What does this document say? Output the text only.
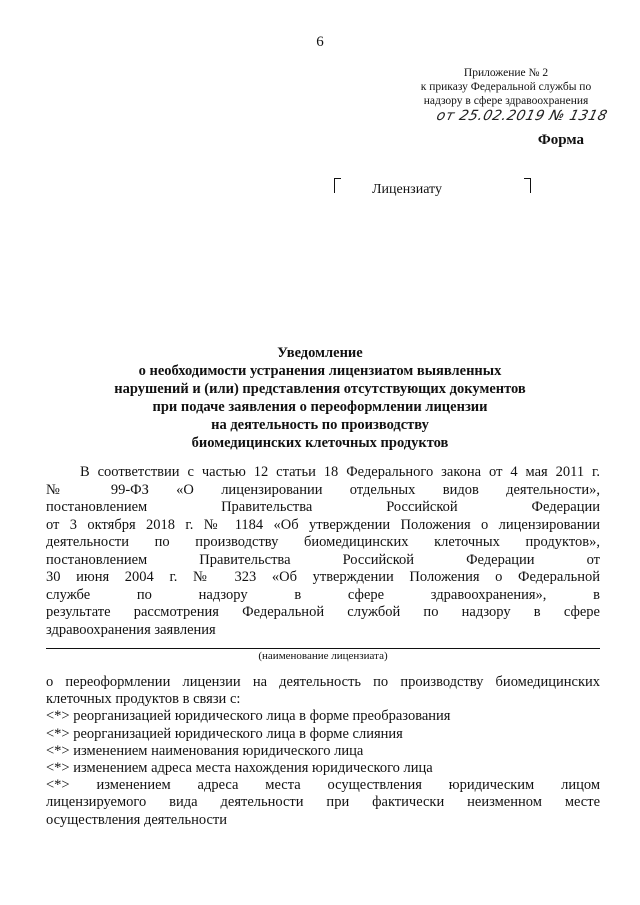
6
Приложение № 2
к приказу Федеральной службы по
надзору в сфере здравоохранения
от 25.02.2019 № 1318
Форма
Лицензиату
Уведомление
о необходимости устранения лицензиатом выявленных
нарушений и (или) представления отсутствующих документов
при подаче заявления о переоформлении лицензии
на деятельность по производству
биомедицинских клеточных продуктов
В соответствии с частью 12 статьи 18 Федерального закона от 4 мая 2011 г.
№ 99-ФЗ «О лицензировании отдельных видов деятельности»,
постановлением Правительства Российской Федерации
от 3 октября 2018 г. № 1184 «Об утверждении Положения о лицензировании
деятельности по производству биомедицинских клеточных продуктов»,
постановлением Правительства Российской Федерации от
30 июня 2004 г. № 323 «Об утверждении Положения о Федеральной
службе по надзору в сфере здравоохранения», в
результате рассмотрения Федеральной службой по надзору в сфере
здравоохранения заявления
(наименование лицензиата)
о переоформлении лицензии на деятельность по производству биомедицинских
клеточных продуктов в связи с:
<*> реорганизацией юридического лица в форме преобразования
<*> реорганизацией юридического лица в форме слияния
<*> изменением наименования юридического лица
<*> изменением адреса места нахождения юридического лица
<*> изменением адреса места осуществления юридическим лицом
лицензируемого вида деятельности при фактически неизменном месте
осуществления деятельности
